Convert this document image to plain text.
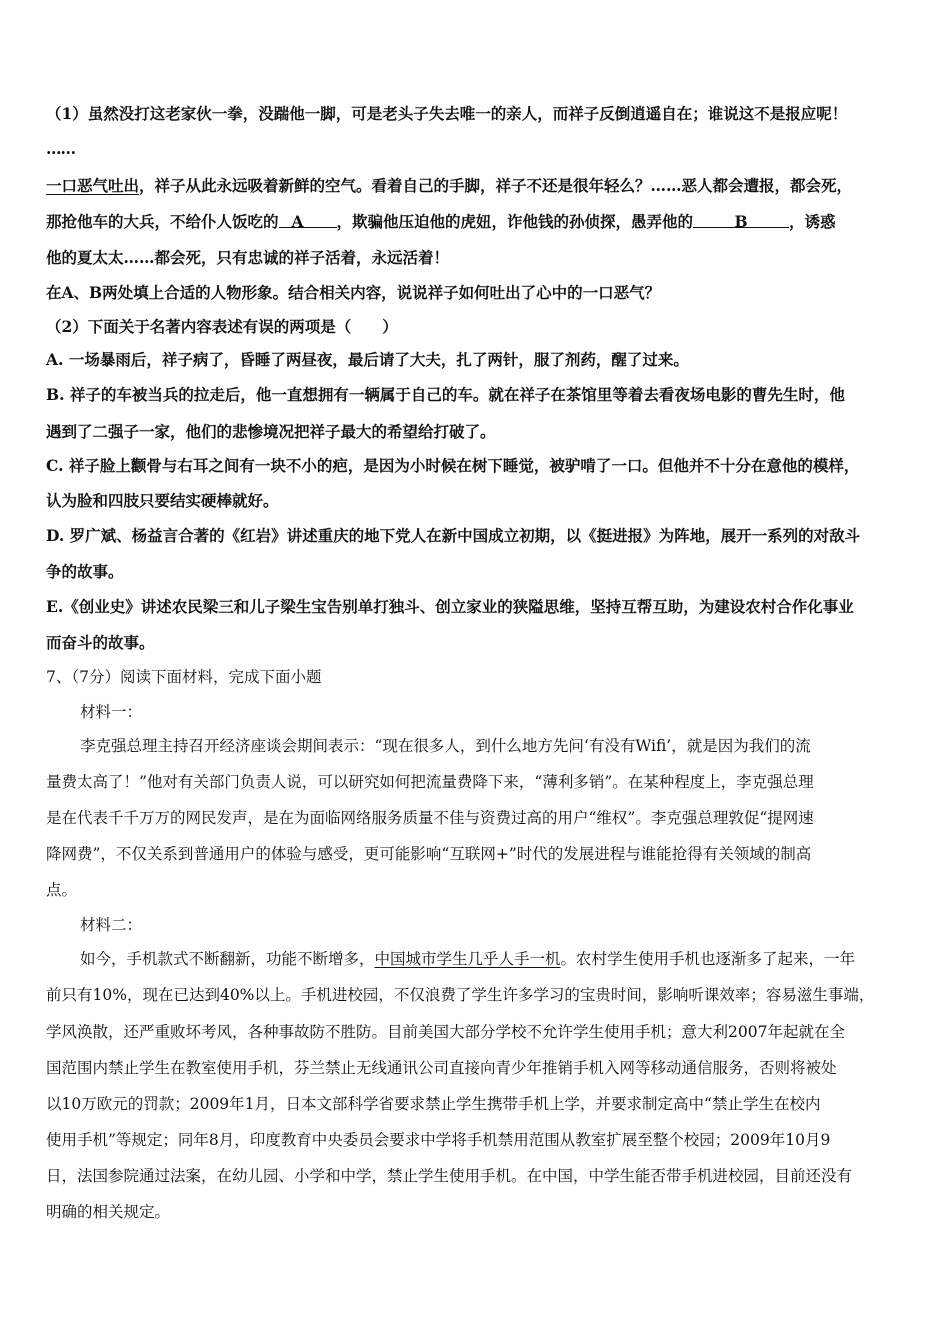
（1）虽然没打这老家伙一拳，没踹他一脚，可是老头子失去唯一的亲人，而祥子反倒逍遥自在；谁说这不是报应呢！
……
一口恶气吐出，祥子从此永远吸着新鲜的空气。看着自己的手脚，祥子不还是很年轻么？……恶人都会遭报，都会死，
那抢他车的大兵，不给仆人饭吃的 A ，欺骗他压迫他的虎妞，诈他钱的孙侦探，愚弄他的	B	，诱惑
他的夏太太……都会死，只有忠诚的祥子活着，永远活着！
在A、B两处填上合适的人物形象。结合相关内容，说说祥子如何吐出了心中的一口恶气？
（2）下面关于名著内容表述有误的两项是（　　）
A. 一场暴雨后，祥子病了，昏睡了两昼夜，最后请了大夫，扎了两针，服了剂药，醒了过来。
B. 祥子的车被当兵的拉走后，他一直想拥有一辆属于自己的车。就在祥子在茶馆里等着去看夜场电影的曹先生时，他
遇到了二强子一家，他们的悲惨境况把祥子最大的希望给打破了。
C. 祥子脸上颧骨与右耳之间有一块不小的疤，是因为小时候在树下睡觉，被驴啃了一口。但他并不十分在意他的模样，
认为脸和四肢只要结实硬棒就好。
D. 罗广斌、杨益言合著的《红岩》讲述重庆的地下党人在新中国成立初期，以《挺进报》为阵地，展开一系列的对敌斗
争的故事。
E.《创业史》讲述农民梁三和儿子梁生宝告别单打独斗、创立家业的狭隘思维，坚持互帮互助，为建设农村合作化事业
而奋斗的故事。
7、（7分）阅读下面材料，完成下面小题
材料一：
李克强总理主持召开经济座谈会期间表示：“现在很多人，到什么地方先问‘有没有Wifi’，就是因为我们的流
量费太高了！”他对有关部门负责人说，可以研究如何把流量费降下来，“薄利多销”。在某种程度上，李克强总理
是在代表千千万万的网民发声，是在为面临网络服务质量不佳与资费过高的用户“维权”。李克强总理敦促“提网速
降网费”，不仅关系到普通用户的体验与感受，更可能影响“互联网+”时代的发展进程与谁能抢得有关领域的制高
点。
材料二：
如今，手机款式不断翻新，功能不断增多，中国城市学生几乎人手一机。农村学生使用手机也逐渐多了起来，一年
前只有10%，现在已达到40%以上。手机进校园，不仅浪费了学生许多学习的宝贵时间，影响听课效率；容易滋生事端，
学风涣散，还严重败坏考风，各种事故防不胜防。目前美国大部分学校不允许学生使用手机；意大利2007年起就在全
国范围内禁止学生在教室使用手机，芬兰禁止无线通讯公司直接向青少年推销手机入网等移动通信服务，否则将被处
以10万欧元的罚款；2009年1月，日本文部科学省要求禁止学生携带手机上学，并要求制定高中“禁止学生在校内
使用手机”等规定；同年8月，印度教育中央委员会要求中学将手机禁用范围从教室扩展至整个校园；2009年10月9
日，法国参院通过法案，在幼儿园、小学和中学，禁止学生使用手机。在中国，中学生能否带手机进校园，目前还没有
明确的相关规定。
